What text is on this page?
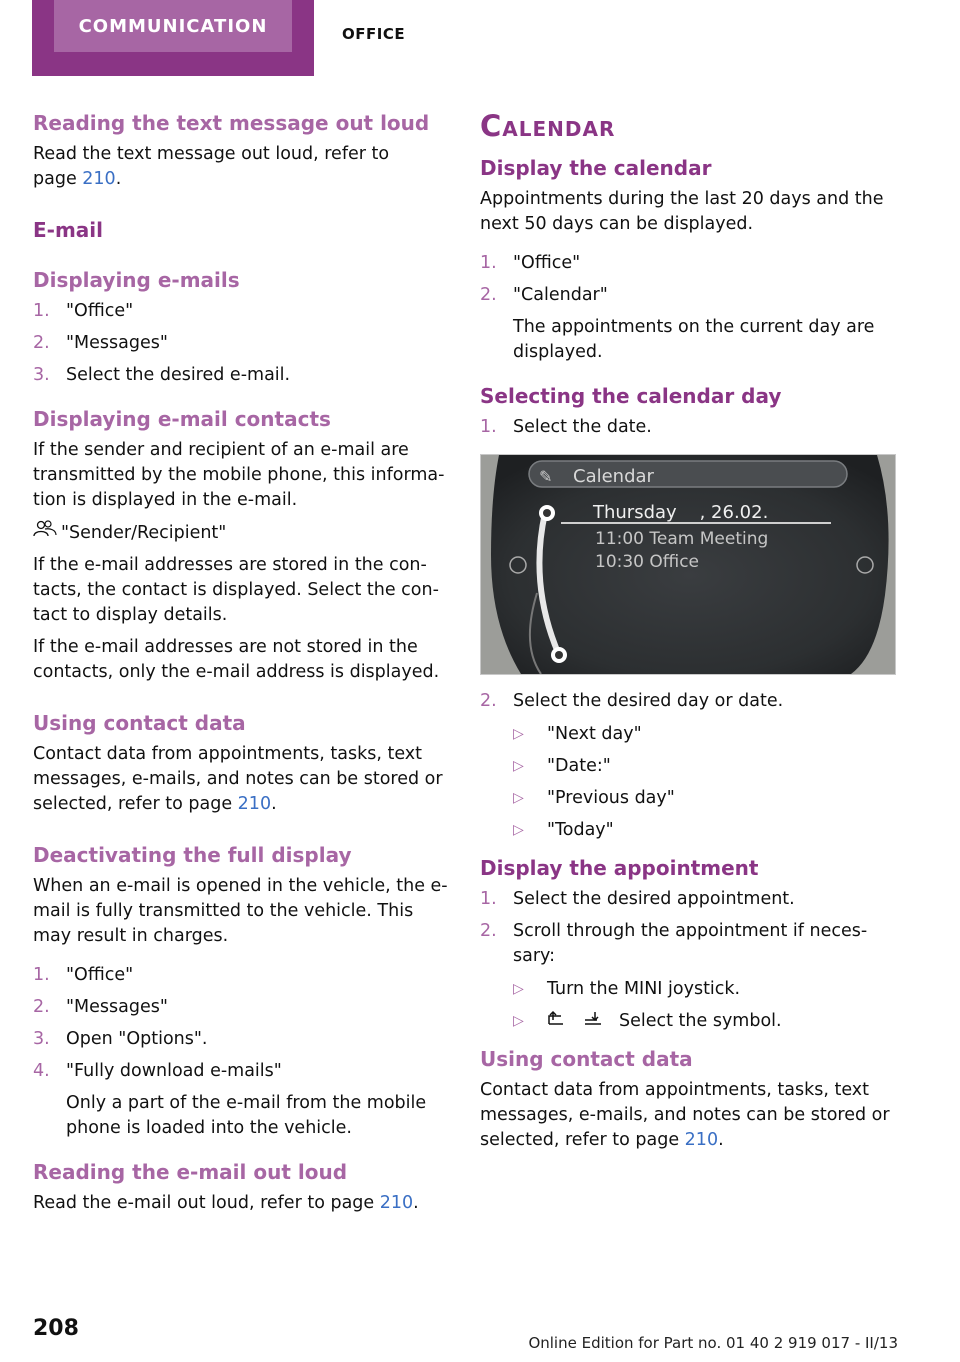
COMMUNICATION	OFFICE
Reading the text message out loud

Read the text message out loud, refer to
page 210.

E-mail
Displaying e-mails
1. "Office"
2. "Messages"
3. Select the desired e-mail.
Displaying e-mail contacts

If the sender and recipient of an e-mail are transmitted by the mobile phone, this information is displayed in the e-mail.

"Sender/Recipient"

If the e-mail addresses are stored in the contacts, the contact is displayed. Select the contact to display details.

If the e-mail addresses are not stored in the contacts, only the e-mail address is displayed.

Using contact data

Contact data from appointments, tasks, text messages, e-mails, and notes can be stored or selected, refer to page 210.

Deactivating the full display

When an e-mail is opened in the vehicle, the e-mail is fully transmitted to the vehicle. This may result in charges.

1. "Office"
2. "Messages"
3. Open "Options".
4. "Fully download e-mails"

Only a part of the e-mail from the mobile phone is loaded into the vehicle.

Reading the e-mail out loud

Read the e-mail out loud, refer to page 210.

Calendar
Display the calendar

Appointments during the last 20 days and the next 50 days can be displayed.

1. "Office"
2. "Calendar"

The appointments on the current day are displayed.

Selecting the calendar day
1. Select the date.
✎ Calendar
Thursday , 26.02.
11:00 Team Meeting
10:30 Office
2. Select the desired day or date.
▷ "Next day"
▷ "Date:"
▷ "Previous day"
▷ "Today"
Display the appointment
1. Select the desired appointment.
2. Scroll through the appointment if necessary:
▷ Turn the MINI joystick.
▷	Select the symbol.
Using contact data

Contact data from appointments, tasks, text messages, e-mails, and notes can be stored or selected, refer to page 210.

208
Online Edition for Part no. 01 40 2 919 017 - II/13
